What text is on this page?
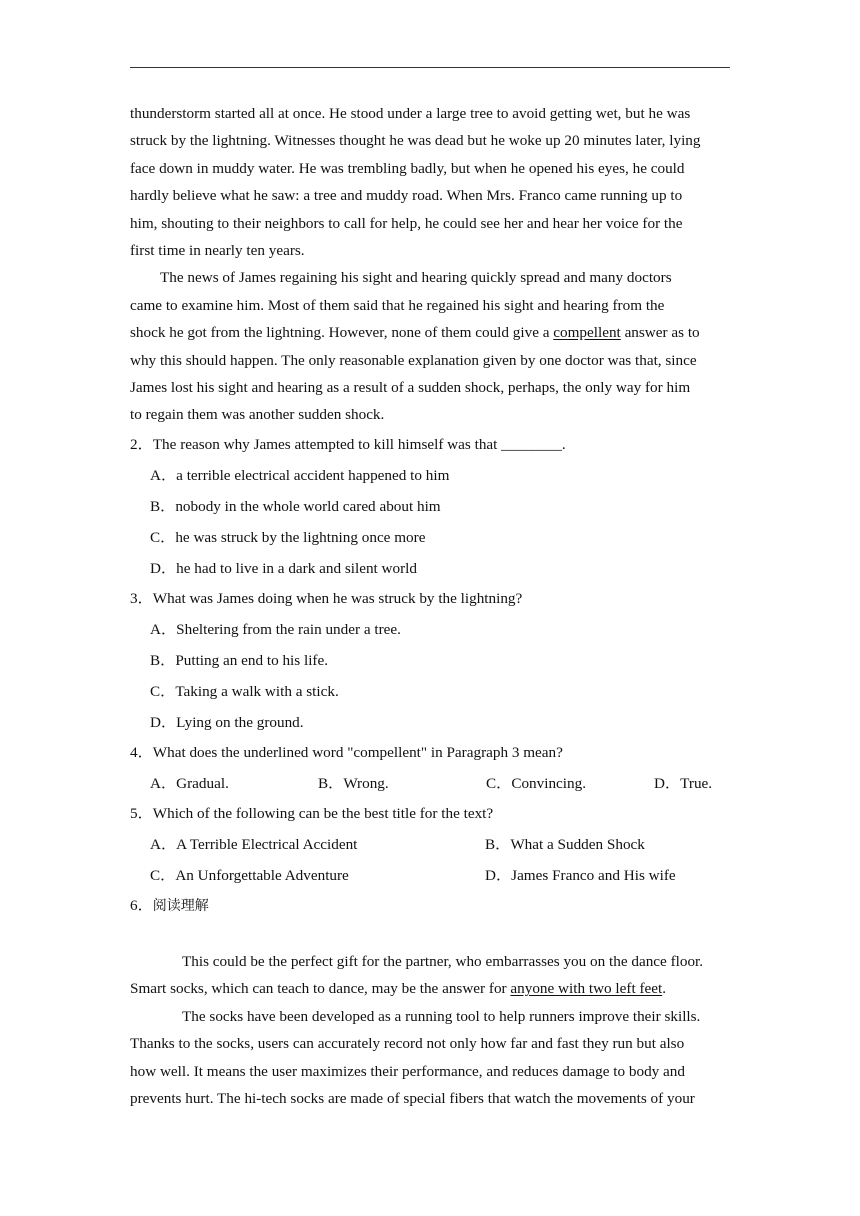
thunderstorm started all at once. He stood under a large tree to avoid getting wet, but he was
struck by the lightning. Witnesses thought he was dead but he woke up 20 minutes later, lying
face down in muddy water. He was trembling badly, but when he opened his eyes, he could
hardly believe what he saw: a tree and muddy road. When Mrs. Franco came running up to
him, shouting to their neighbors to call for help, he could see her and hear her voice for the
first time in nearly ten years.

The news of James regaining his sight and hearing quickly spread and many doctors
came to examine him. Most of them said that he regained his sight and hearing from the
shock he got from the lightning. However, none of them could give a compellent answer as to
why this should happen. The only reasonable explanation given by one doctor was that, since
James lost his sight and hearing as a result of a sudden shock, perhaps, the only way for him
to regain them was another sudden shock.

2．The reason why James attempted to kill himself was that ________.
A．a terrible electrical accident happened to him
B．nobody in the whole world cared about him
C．he was struck by the lightning once more
D．he had to live in a dark and silent world
3．What was James doing when he was struck by the lightning?
A．Sheltering from the rain under a tree.
B．Putting an end to his life.
C．Taking a walk with a stick.
D．Lying on the ground.
4．What does the underlined word "compellent" in Paragraph 3 mean?
A．Gradual.	B．Wrong.	C．Convincing.	D．True.
5．Which of the following can be the best title for the text?
A．A Terrible Electrical Accident	B．What a Sudden Shock
C．An Unforgettable Adventure	D．James Franco and His wife
6．阅读理解

This could be the perfect gift for the partner, who embarrasses you on the dance floor.
Smart socks, which can teach to dance, may be the answer for anyone with two left feet.

The socks have been developed as a running tool to help runners improve their skills.
Thanks to the socks, users can accurately record not only how far and fast they run but also
how well. It means the user maximizes their performance, and reduces damage to body and
prevents hurt. The hi-tech socks are made of special fibers that watch the movements of your
